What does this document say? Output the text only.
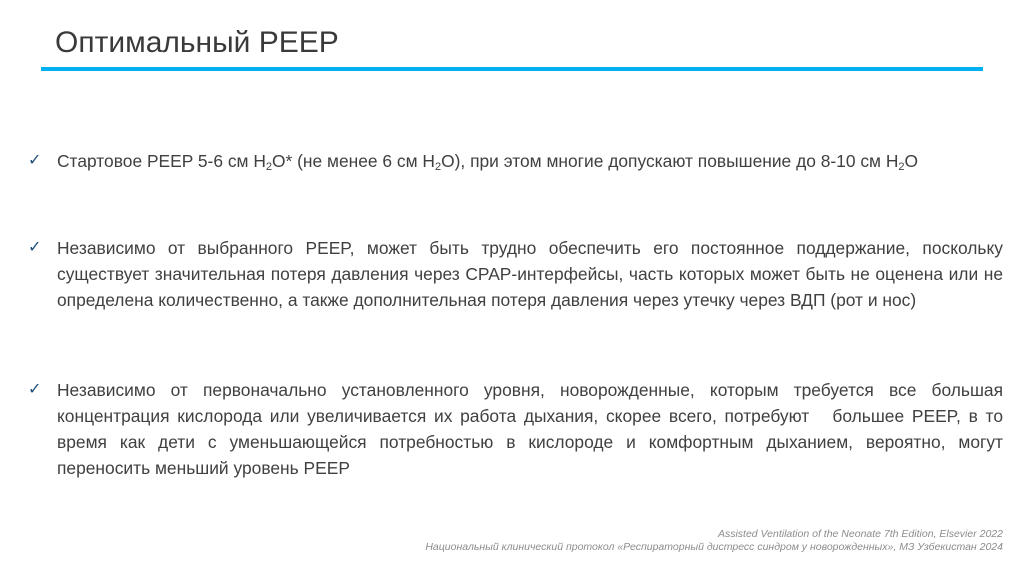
Оптимальный PEEP
✓ Стартовое PEEP 5-6 см $H_2O*$ (не менее 6 см $H_2O$), при этом многие допускают повышение до 8-10 см $H_2O$
✓ Независимо от выбранного PEEP, может быть трудно обеспечить его постоянное поддержание, поскольку существует значительная потеря давления через CPAP-интерфейсы, часть которых может быть не оценена или не определена количественно, а также дополнительная потеря давления через утечку через ВДП (рот и нос)
✓ Независимо от первоначально установленного уровня, новорожденные, которым требуется все большая концентрация кислорода или увеличивается их работа дыхания, скорее всего, потребуют   большее PEEP, в то время как дети с уменьшающейся потребностью в кислороде и комфортным дыханием, вероятно, могут переносить меньший уровень PEEP
Assisted Ventilation of the Neonate 7th Edition, Elsevier 2022
Национальный клинический протокол «Респираторный дистресс синдром у новорожденных», МЗ Узбекистан 2024
